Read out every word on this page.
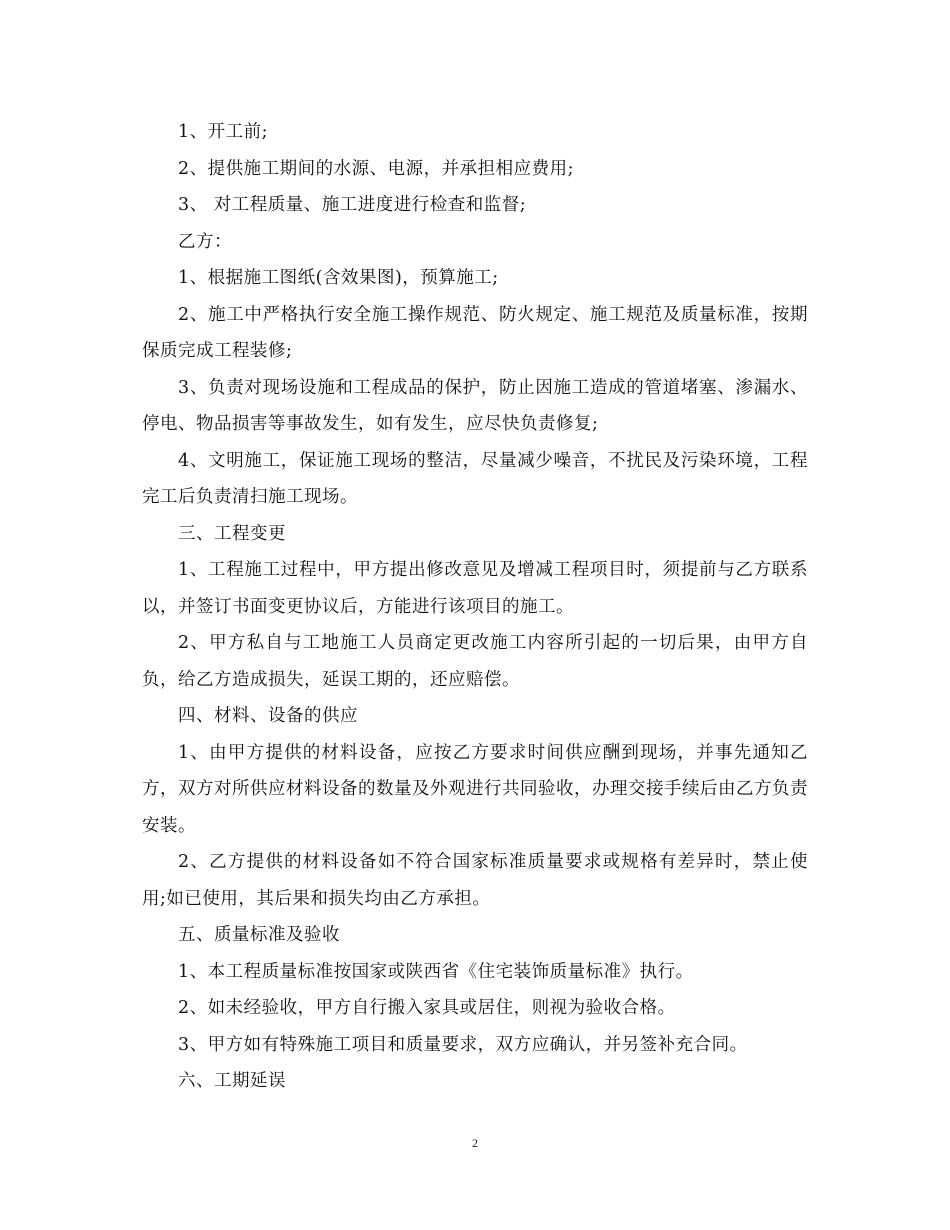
1、开工前;

2、提供施工期间的水源、电源，并承担相应费用;

3、 对工程质量、施工进度进行检查和监督;

乙方：

1、根据施工图纸(含效果图)，预算施工;

2、施工中严格执行安全施工操作规范、防火规定、施工规范及质量标准，按期保质完成工程装修;

3、负责对现场设施和工程成品的保护，防止因施工造成的管道堵塞、渗漏水、停电、物品损害等事故发生，如有发生，应尽快负责修复;

4、文明施工，保证施工现场的整洁，尽量减少噪音，不扰民及污染环境，工程完工后负责清扫施工现场。

三、工程变更

1、工程施工过程中，甲方提出修改意见及增减工程项目时，须提前与乙方联系以，并签订书面变更协议后，方能进行该项目的施工。

2、甲方私自与工地施工人员商定更改施工内容所引起的一切后果，由甲方自负，给乙方造成损失，延误工期的，还应赔偿。

四、材料、设备的供应

1、由甲方提供的材料设备，应按乙方要求时间供应酬到现场，并事先通知乙方，双方对所供应材料设备的数量及外观进行共同验收，办理交接手续后由乙方负责安装。

2、乙方提供的材料设备如不符合国家标准质量要求或规格有差异时，禁止使用;如已使用，其后果和损失均由乙方承担。

五、质量标准及验收

1、本工程质量标准按国家或陕西省《住宅装饰质量标准》执行。

2、如未经验收，甲方自行搬入家具或居住，则视为验收合格。

3、甲方如有特殊施工项目和质量要求，双方应确认，并另签补充合同。

六、工期延误

2
